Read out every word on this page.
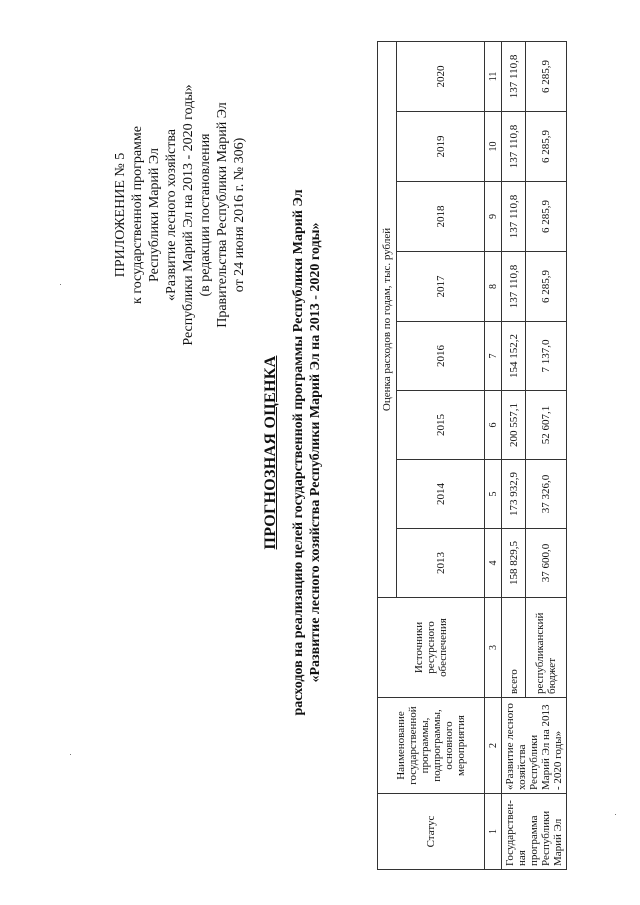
ПРИЛОЖЕНИЕ № 5 к государственной программе Республики Марий Эл «Развитие лесного хозяйства Республики Марий Эл на 2013 - 2020 годы» (в редакции постановления Правительства Республики Марий Эл от 24 июня 2016 г. № 306)
ПРОГНОЗНАЯ ОЦЕНКА расходов на реализацию целей государственной программы Республики Марий Эл «Развитие лесного хозяйства Республики Марий Эл на 2013 - 2020 годы»
Статус	Наименование государственной программы, подпрограммы, основного мероприятия	Источники ресурсного обеспечения	Оценка расходов по годам, тыс. рублей							
			2013	2014	2015	2016	2017	2018	2019	2020
1	2	3	4	5	6	7	8	9	10	11
Государствен-ная программа Республики Марий Эл	«Развитие лесного хозяйства Республики Марий Эл на 2013 - 2020 годы»	всего	158 829,5	173 932,9	200 557,1	154 152,2	137 110,8	137 110,8	137 110,8	137 110,8
		республиканский бюджет	37 600,0	37 326,0	52 607,1	7 137,0	6 285,9	6 285,9	6 285,9	6 285,9
